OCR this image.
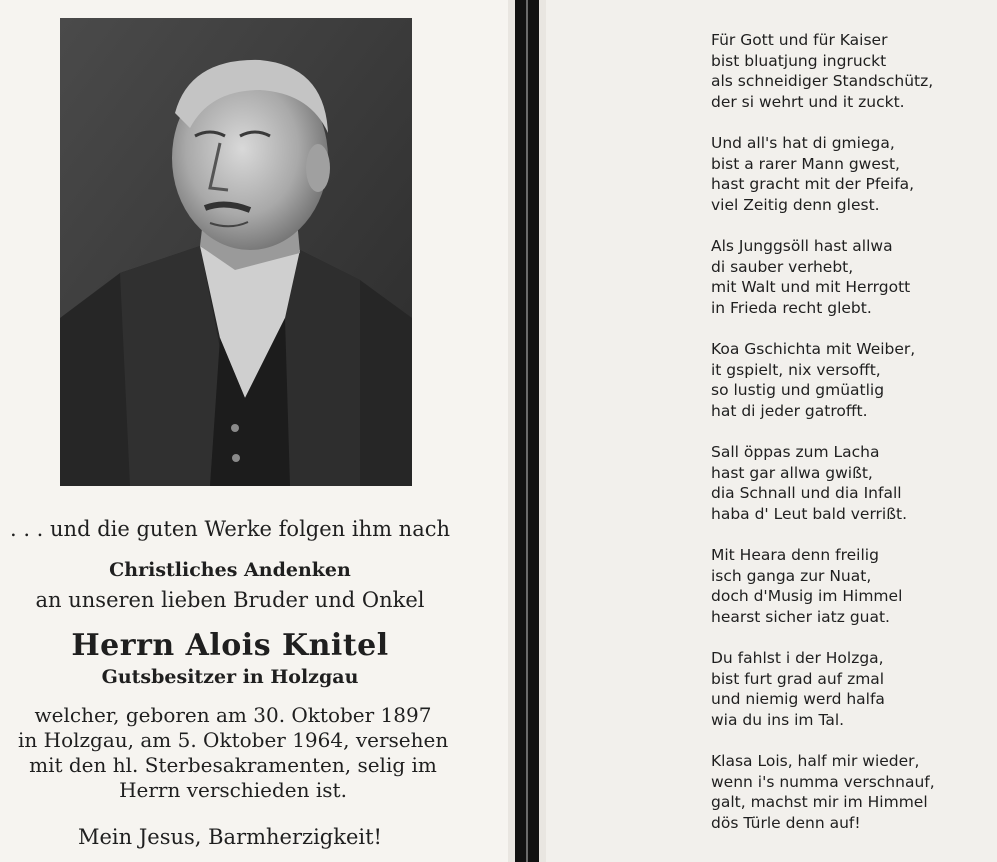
. . . und die guten Werke folgen ihm nach
Christliches Andenken
an unseren lieben Bruder und Onkel
Herrn Alois Knitel
Gutsbesitzer in Holzgau
welcher, geboren am 30. Oktober 1897
in Holzgau, am 5. Oktober 1964, versehen
mit den hl. Sterbesakramenten, selig im
Herrn verschieden ist.
Mein Jesus, Barmherzigkeit!
Für Gott und für Kaiser
bist bluatjung ingruckt
als schneidiger Standschütz,
der si wehrt und it zuckt.
Und all's hat di gmiega,
bist a rarer Mann gwest,
hast gracht mit der Pfeifa,
viel Zeitig denn glest.
Als Junggsöll hast allwa
di sauber verhebt,
mit Walt und mit Herrgott
in Frieda recht glebt.
Koa Gschichta mit Weiber,
it gspielt, nix versofft,
so lustig und gmüatlig
hat di jeder gatrofft.
Sall öppas zum Lacha
hast gar allwa gwißt,
dia Schnall und dia Infall
haba d' Leut bald verrißt.
Mit Heara denn freilig
isch ganga zur Nuat,
doch d'Musig im Himmel
hearst sicher iatz guat.
Du fahlst i der Holzga,
bist furt grad auf zmal
und niemig werd halfa
wia du ins im Tal.
Klasa Lois, half mir wieder,
wenn i's numma verschnauf,
galt, machst mir im Himmel
dös Türle denn auf!
